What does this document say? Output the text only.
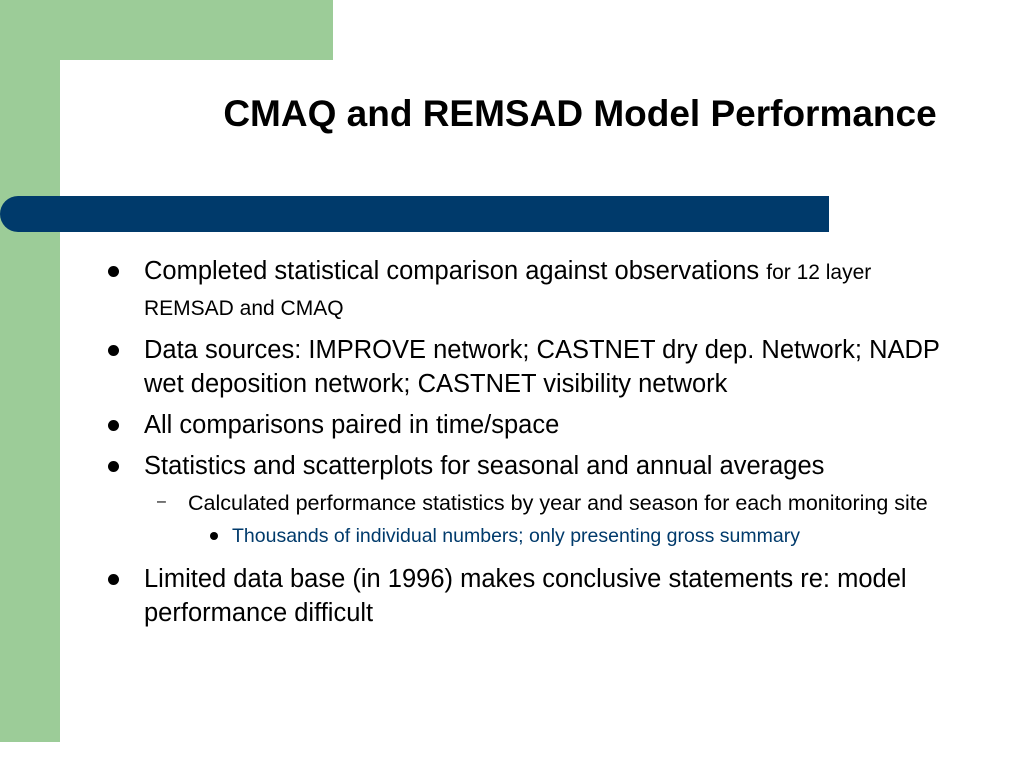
CMAQ and REMSAD Model Performance
Completed statistical comparison against observations for 12 layer REMSAD and CMAQ
Data sources: IMPROVE network; CASTNET dry dep. Network; NADP wet deposition network; CASTNET visibility network
All comparisons paired in time/space
Statistics and scatterplots for seasonal and annual averages
– Calculated performance statistics by year and season for each monitoring site
Thousands of individual numbers; only presenting gross summary
Limited data base (in 1996) makes conclusive statements re: model performance difficult
